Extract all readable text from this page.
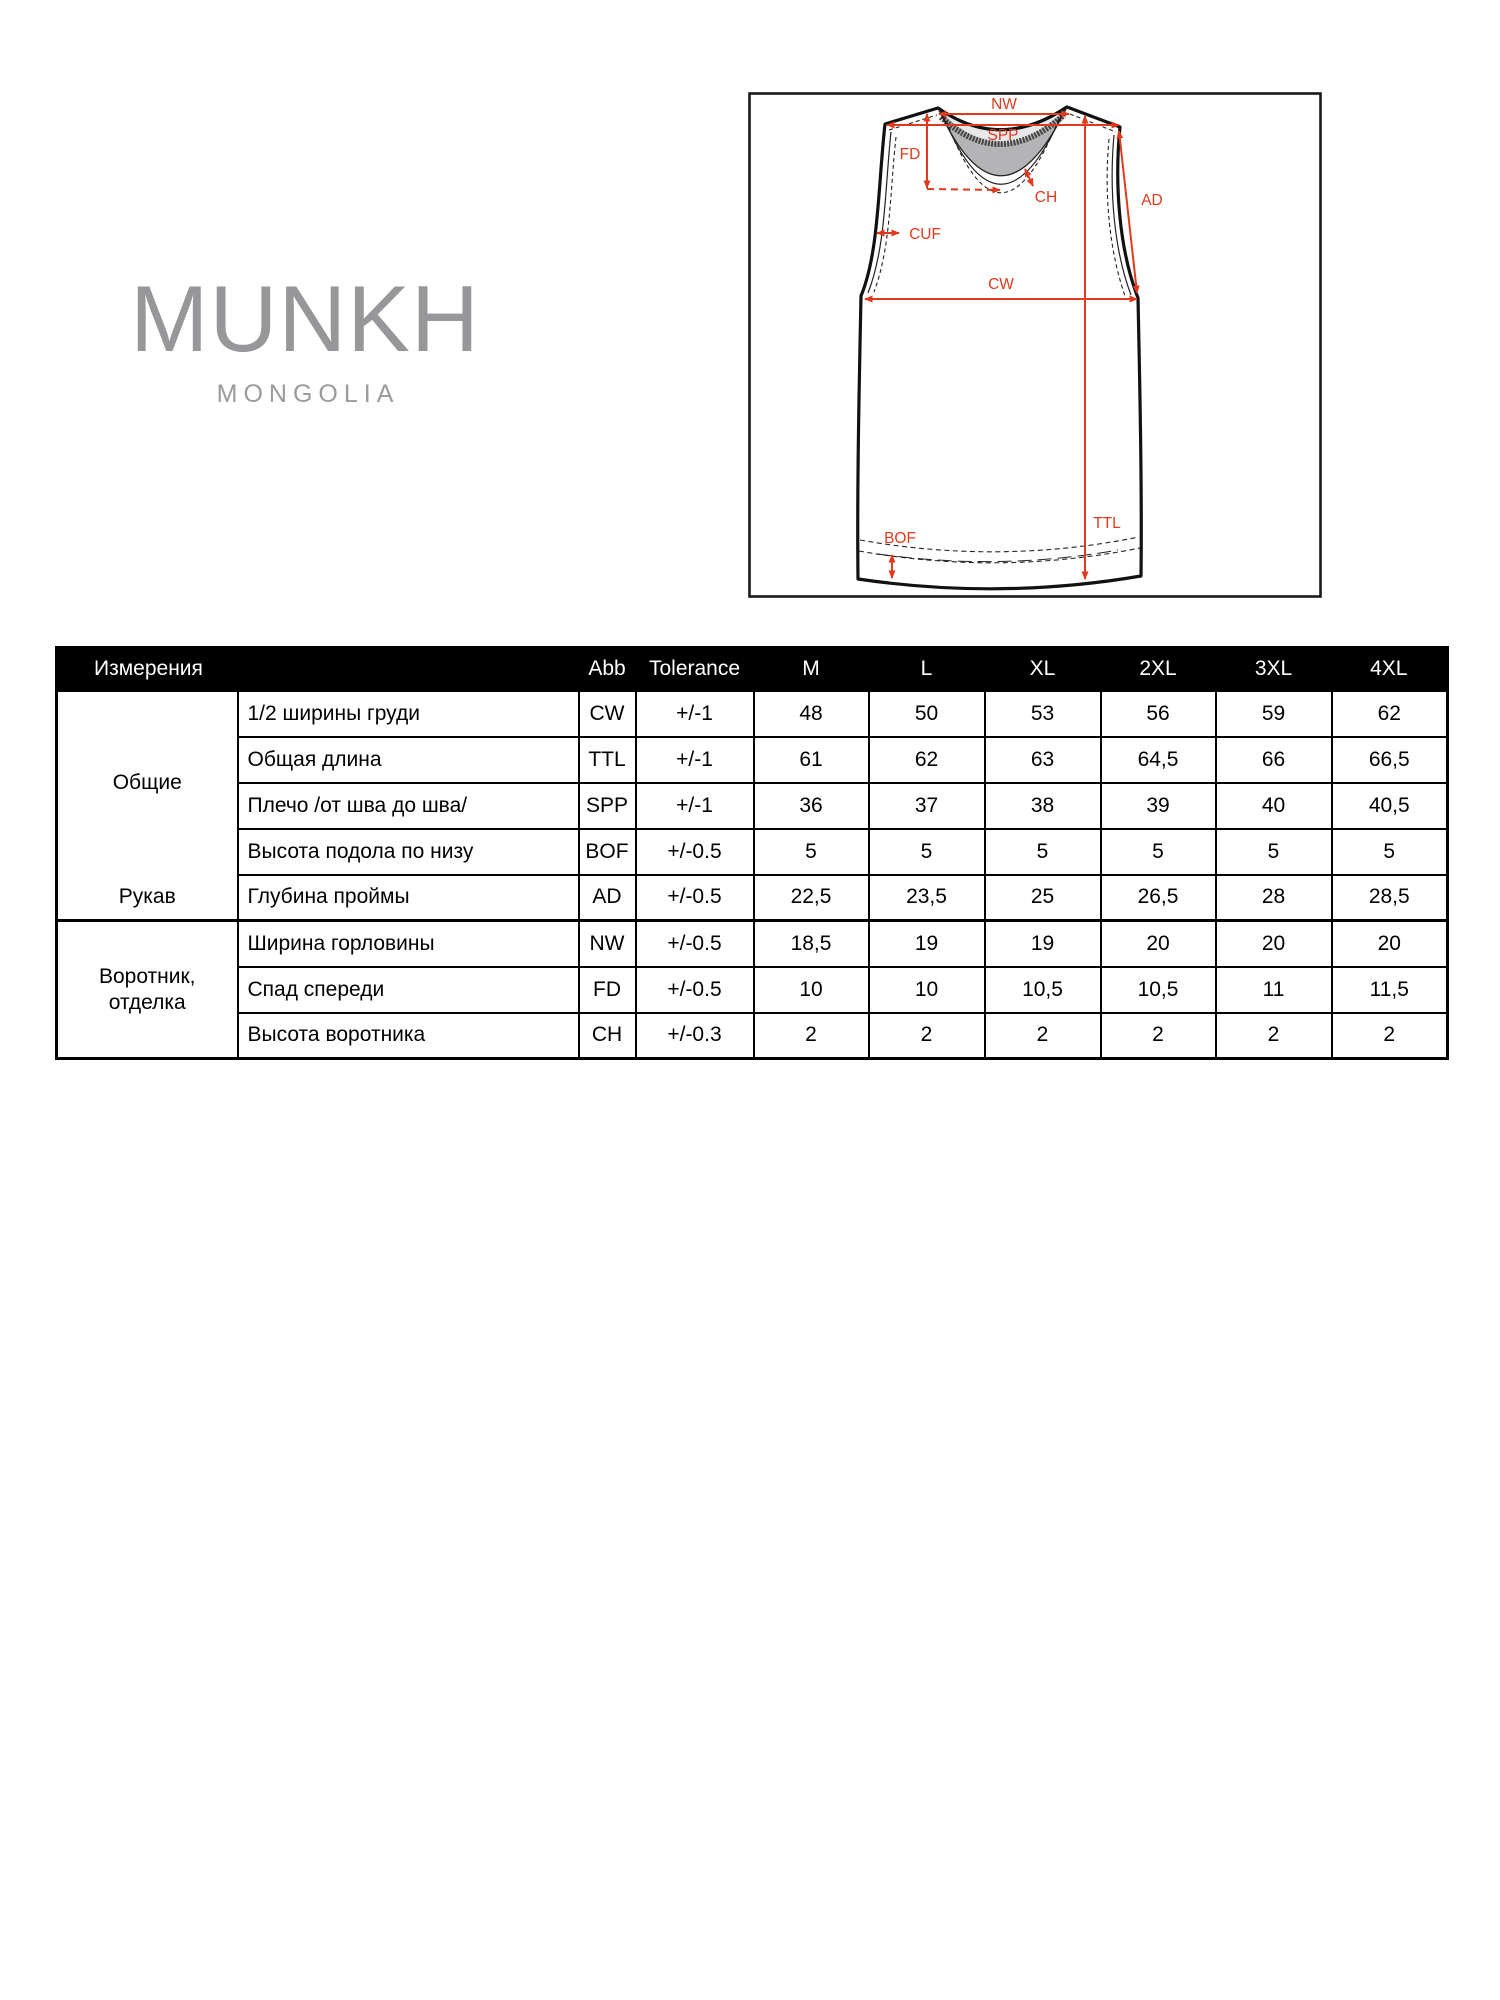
MUNKH
MONGOLIA
NW
SPP
FD
CH
CUF
CW
AD
TTL
BOF
Измерения		Abb	Tolerance	M	L	XL	2XL	3XL	4XL
Общие	1/2 ширины груди	CW	+/-1	48	50	53	56	59	62
	Общая длина	TTL	+/-1	61	62	63	64,5	66	66,5
	Плечо /от шва до шва/	SPP	+/-1	36	37	38	39	40	40,5
	Высота подола по низу	BOF	+/-0.5	5	5	5	5	5	5
Рукав	Глубина проймы	AD	+/-0.5	22,5	23,5	25	26,5	28	28,5

Воротник,
отделка	Ширина горловины	NW	+/-0.5	18,5	19	19	20	20	20
	Спад спереди	FD	+/-0.5	10	10	10,5	10,5	11	11,5
	Высота воротника	CH	+/-0.3	2	2	2	2	2	2
